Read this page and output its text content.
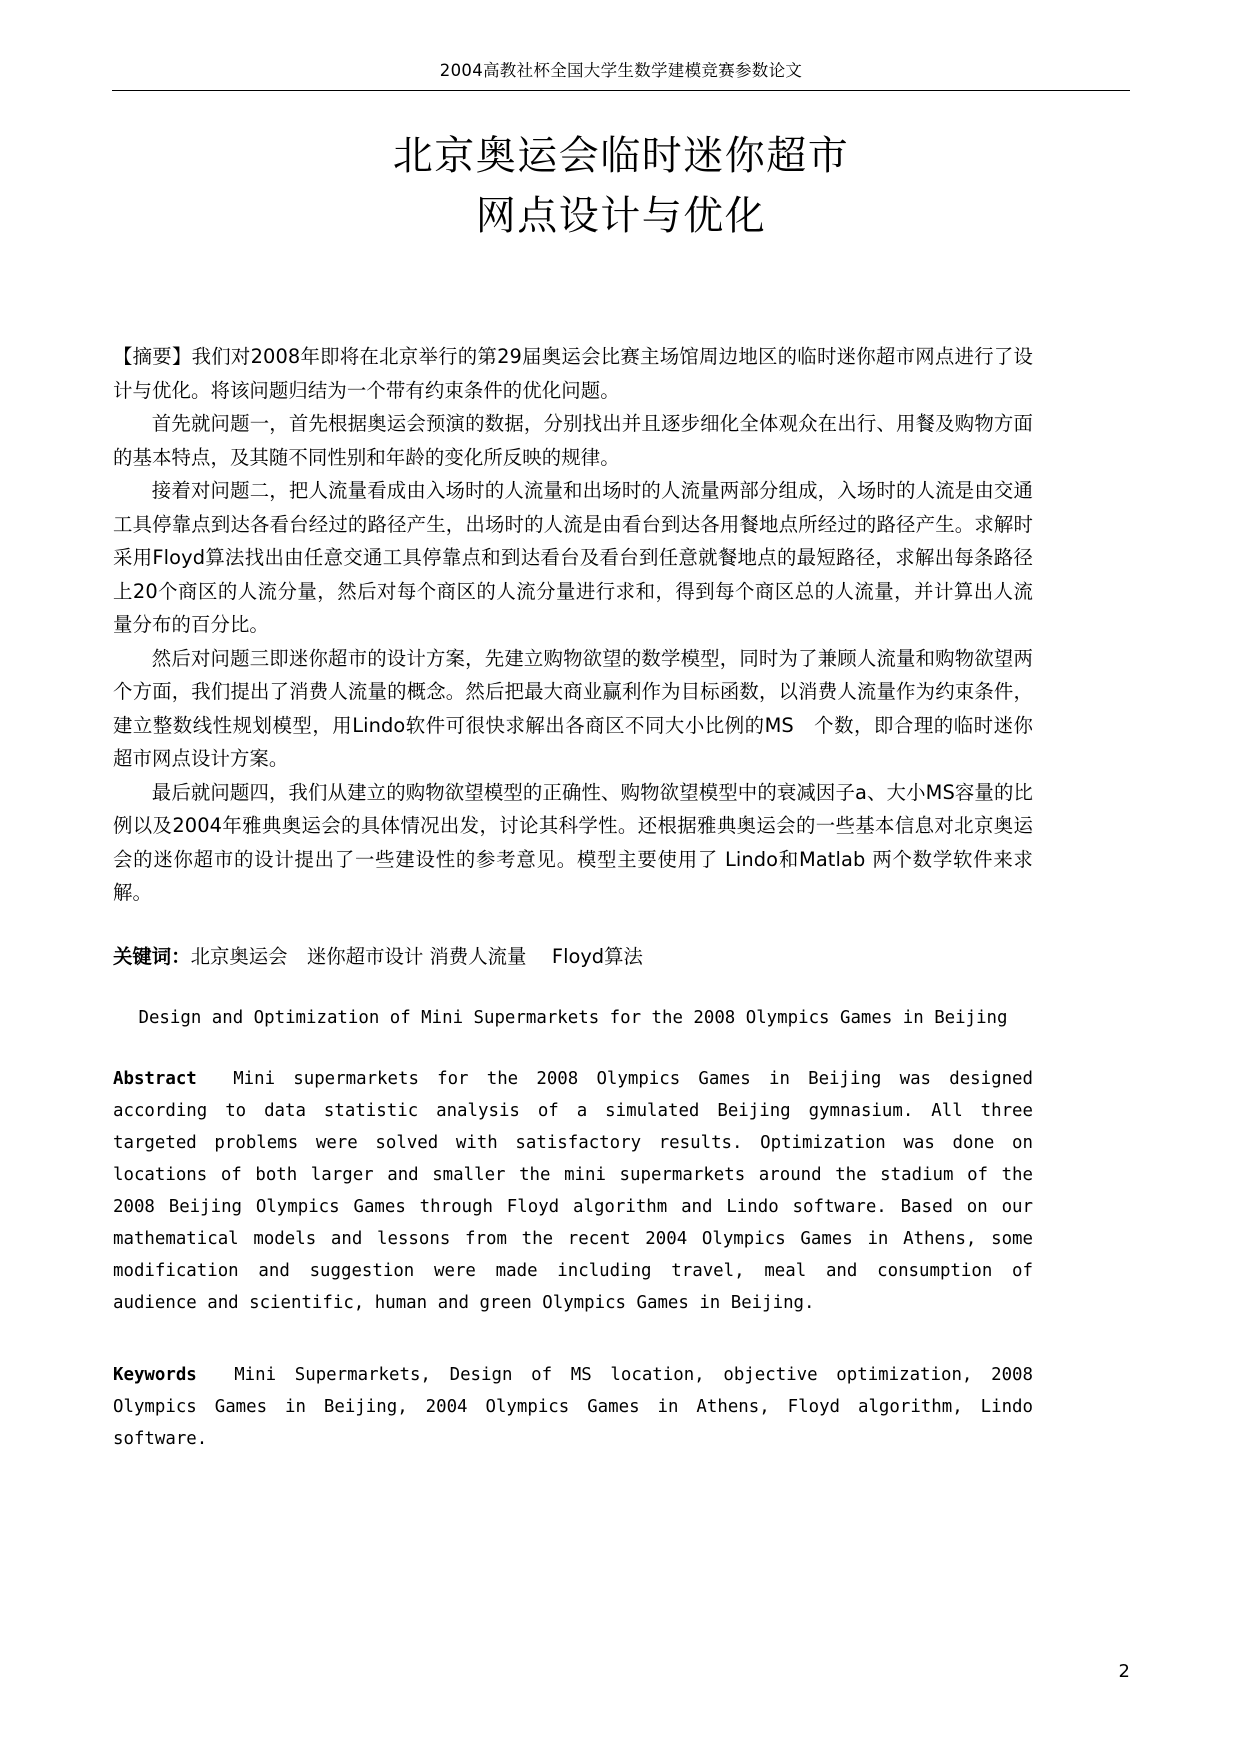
2004高教社杯全国大学生数学建模竞赛参数论文
北京奥运会临时迷你超市
网点设计与优化

【摘要】我们对2008年即将在北京举行的第29届奥运会比赛主场馆周边地区的临时迷你超市网点进行了设计与优化。将该问题归结为一个带有约束条件的优化问题。

首先就问题一，首先根据奥运会预演的数据，分别找出并且逐步细化全体观众在出行、用餐及购物方面的基本特点，及其随不同性别和年龄的变化所反映的规律。

接着对问题二，把人流量看成由入场时的人流量和出场时的人流量两部分组成，入场时的人流是由交通工具停靠点到达各看台经过的路径产生，出场时的人流是由看台到达各用餐地点所经过的路径产生。求解时采用Floyd算法找出由任意交通工具停靠点和到达看台及看台到任意就餐地点的最短路径，求解出每条路径上20个商区的人流分量，然后对每个商区的人流分量进行求和，得到每个商区总的人流量，并计算出人流量分布的百分比。

然后对问题三即迷你超市的设计方案，先建立购物欲望的数学模型，同时为了兼顾人流量和购物欲望两个方面，我们提出了消费人流量的概念。然后把最大商业赢利作为目标函数，以消费人流量作为约束条件，建立整数线性规划模型，用Lindo软件可很快求解出各商区不同大小比例的MS　个数，即合理的临时迷你超市网点设计方案。

最后就问题四，我们从建立的购物欲望模型的正确性、购物欲望模型中的衰减因子a、大小MS容量的比例以及2004年雅典奥运会的具体情况出发，讨论其科学性。还根据雅典奥运会的一些基本信息对北京奥运会的迷你超市的设计提出了一些建设性的参考意见。模型主要使用了 Lindo和Matlab 两个数学软件来求解。

关键词：北京奥运会　迷你超市设计 消费人流量　 Floyd算法

Design and Optimization of Mini Supermarkets for the 2008 Olympics Games in Beijing

Abstract Mini supermarkets for the 2008 Olympics Games in Beijing was designed according to data statistic analysis of a simulated Beijing gymnasium. All three targeted problems were solved with satisfactory results. Optimization was done on locations of both larger and smaller the mini supermarkets around the stadium of the 2008 Beijing Olympics Games through Floyd algorithm and Lindo software. Based on our mathematical models and lessons from the recent 2004 Olympics Games in Athens, some modification and suggestion were made including travel, meal and consumption of audience and scientific, human and green Olympics Games in Beijing.

Keywords Mini Supermarkets, Design of MS location, objective optimization, 2008 Olympics Games in Beijing, 2004 Olympics Games in Athens, Floyd algorithm, Lindo software.

2
